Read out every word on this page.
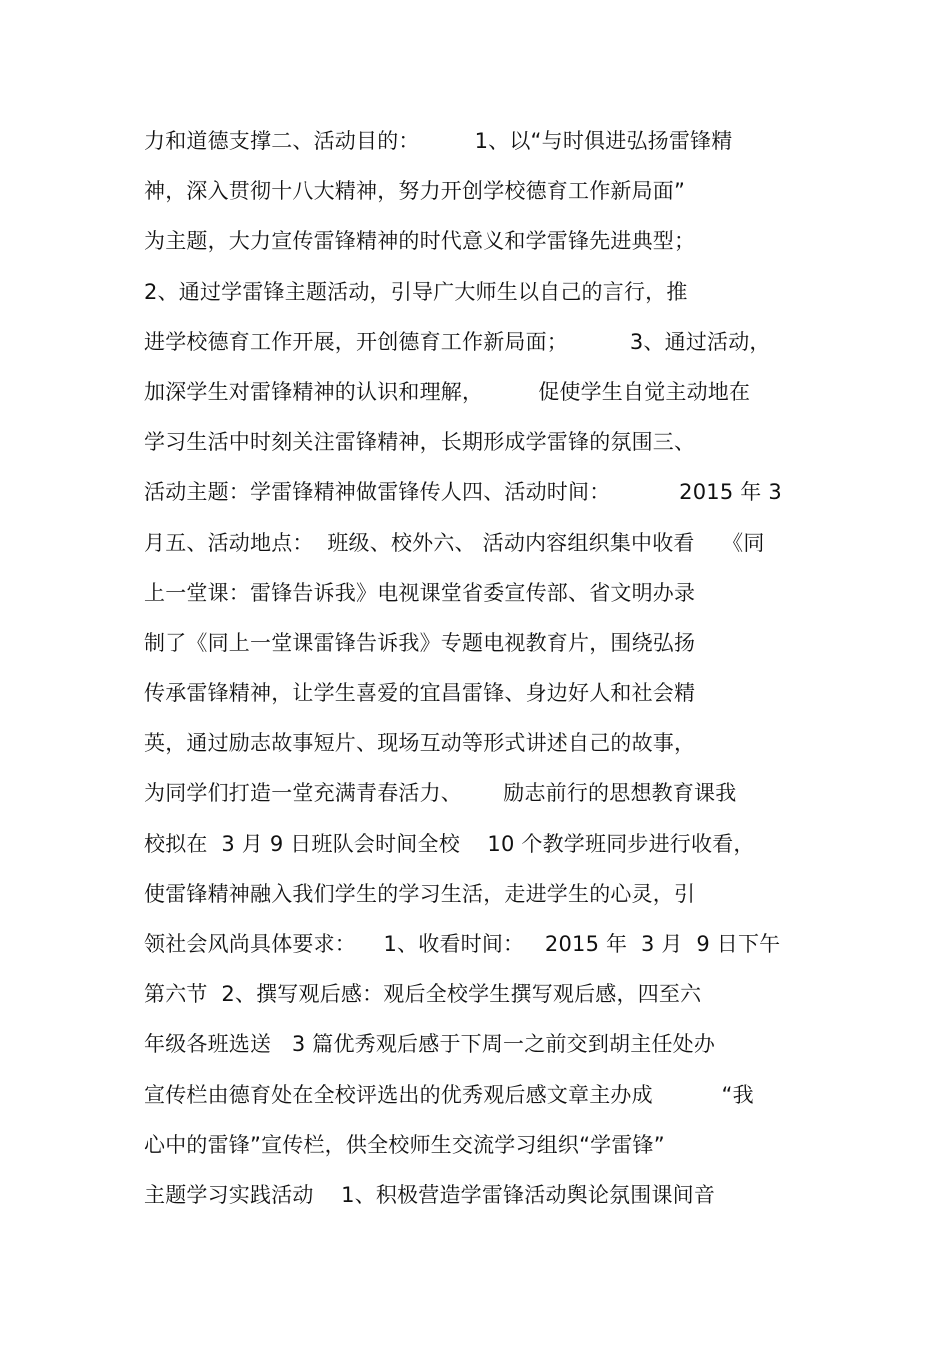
力和道德支撑二、活动目的：        1、以“与时俱进弘扬雷锋精
神，深入贯彻十八大精神，努力开创学校德育工作新局面”
为主题，大力宣传雷锋精神的时代意义和学雷锋先进典型；
2、通过学雷锋主题活动，引导广大师生以自己的言行，推
进学校德育工作开展，开创德育工作新局面；         3、通过活动，
加深学生对雷锋精神的认识和理解，        促使学生自觉主动地在
学习生活中时刻关注雷锋精神，长期形成学雷锋的氛围三、
活动主题：学雷锋精神做雷锋传人四、活动时间：          2015 年 3
月五、活动地点：  班级、校外六、 活动内容组织集中收看    《同
上一堂课：雷锋告诉我》电视课堂省委宣传部、省文明办录
制了《同上一堂课雷锋告诉我》专题电视教育片，围绕弘扬
传承雷锋精神，让学生喜爱的宜昌雷锋、身边好人和社会精
英，通过励志故事短片、现场互动等形式讲述自己的故事，
为同学们打造一堂充满青春活力、      励志前行的思想教育课我
校拟在  3 月 9 日班队会时间全校    10 个教学班同步进行收看，
使雷锋精神融入我们学生的学习生活，走进学生的心灵，引
领社会风尚具体要求：    1、收看时间：   2015 年  3 月  9 日下午
第六节  2、撰写观后感：观后全校学生撰写观后感，四至六
年级各班选送   3 篇优秀观后感于下周一之前交到胡主任处办
宣传栏由德育处在全校评选出的优秀观后感文章主办成          “我
心中的雷锋”宣传栏，供全校师生交流学习组织“学雷锋”
主题学习实践活动    1、积极营造学雷锋活动舆论氛围课间音
